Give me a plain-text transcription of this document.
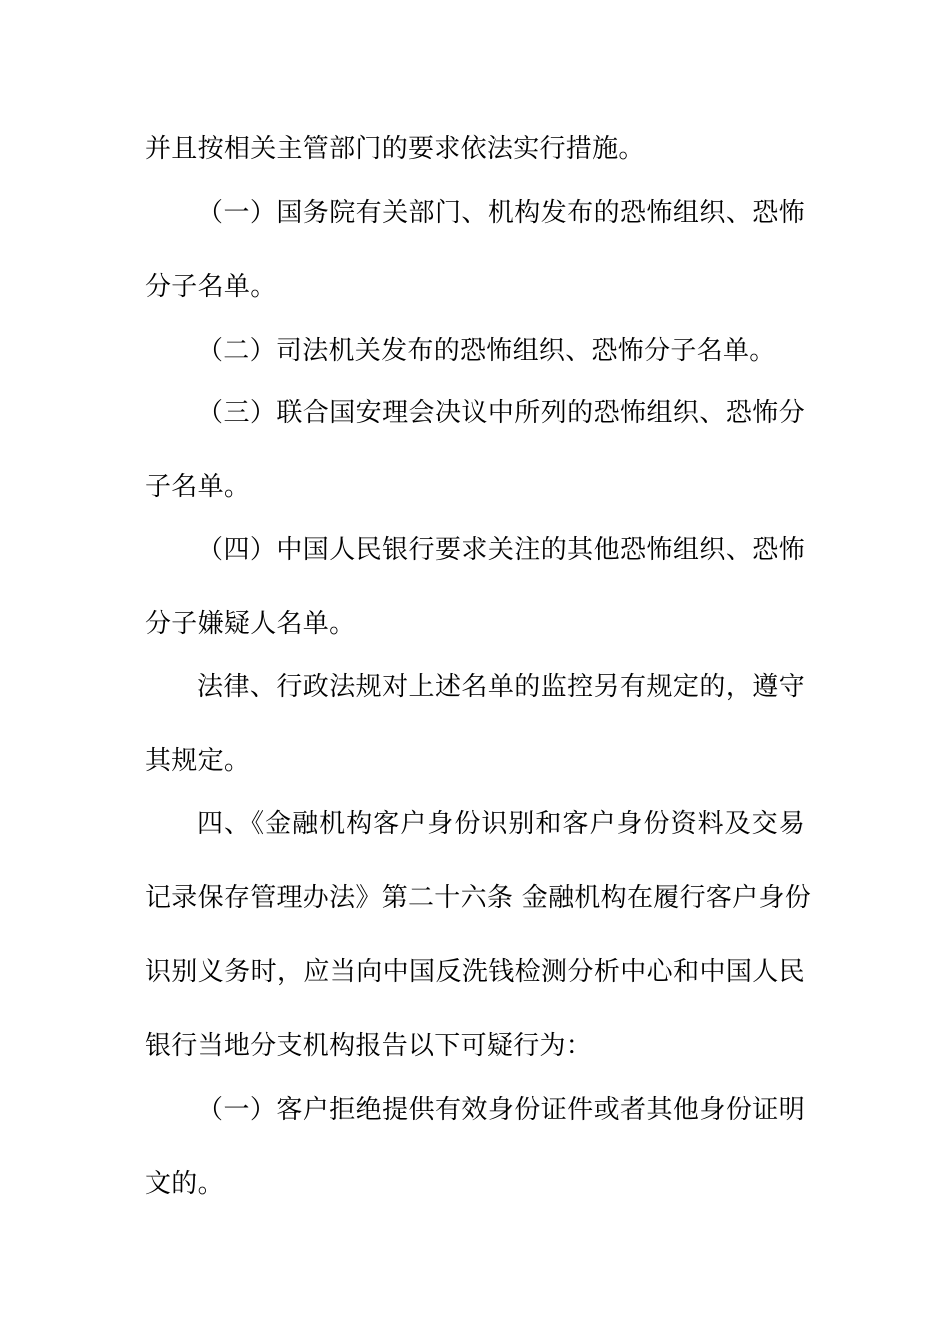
并且按相关主管部门的要求依法实行措施。
（一）国务院有关部门、机构发布的恐怖组织、恐怖
分子名单。
（二）司法机关发布的恐怖组织、恐怖分子名单。
（三）联合国安理会决议中所列的恐怖组织、恐怖分
子名单。
（四）中国人民银行要求关注的其他恐怖组织、恐怖
分子嫌疑人名单。
法律、行政法规对上述名单的监控另有规定的，遵守
其规定。
四、《金融机构客户身份识别和客户身份资料及交易
记录保存管理办法》第二十六条 金融机构在履行客户身份
识别义务时，应当向中国反洗钱检测分析中心和中国人民
银行当地分支机构报告以下可疑行为：
（一）客户拒绝提供有效身份证件或者其他身份证明
文的。
